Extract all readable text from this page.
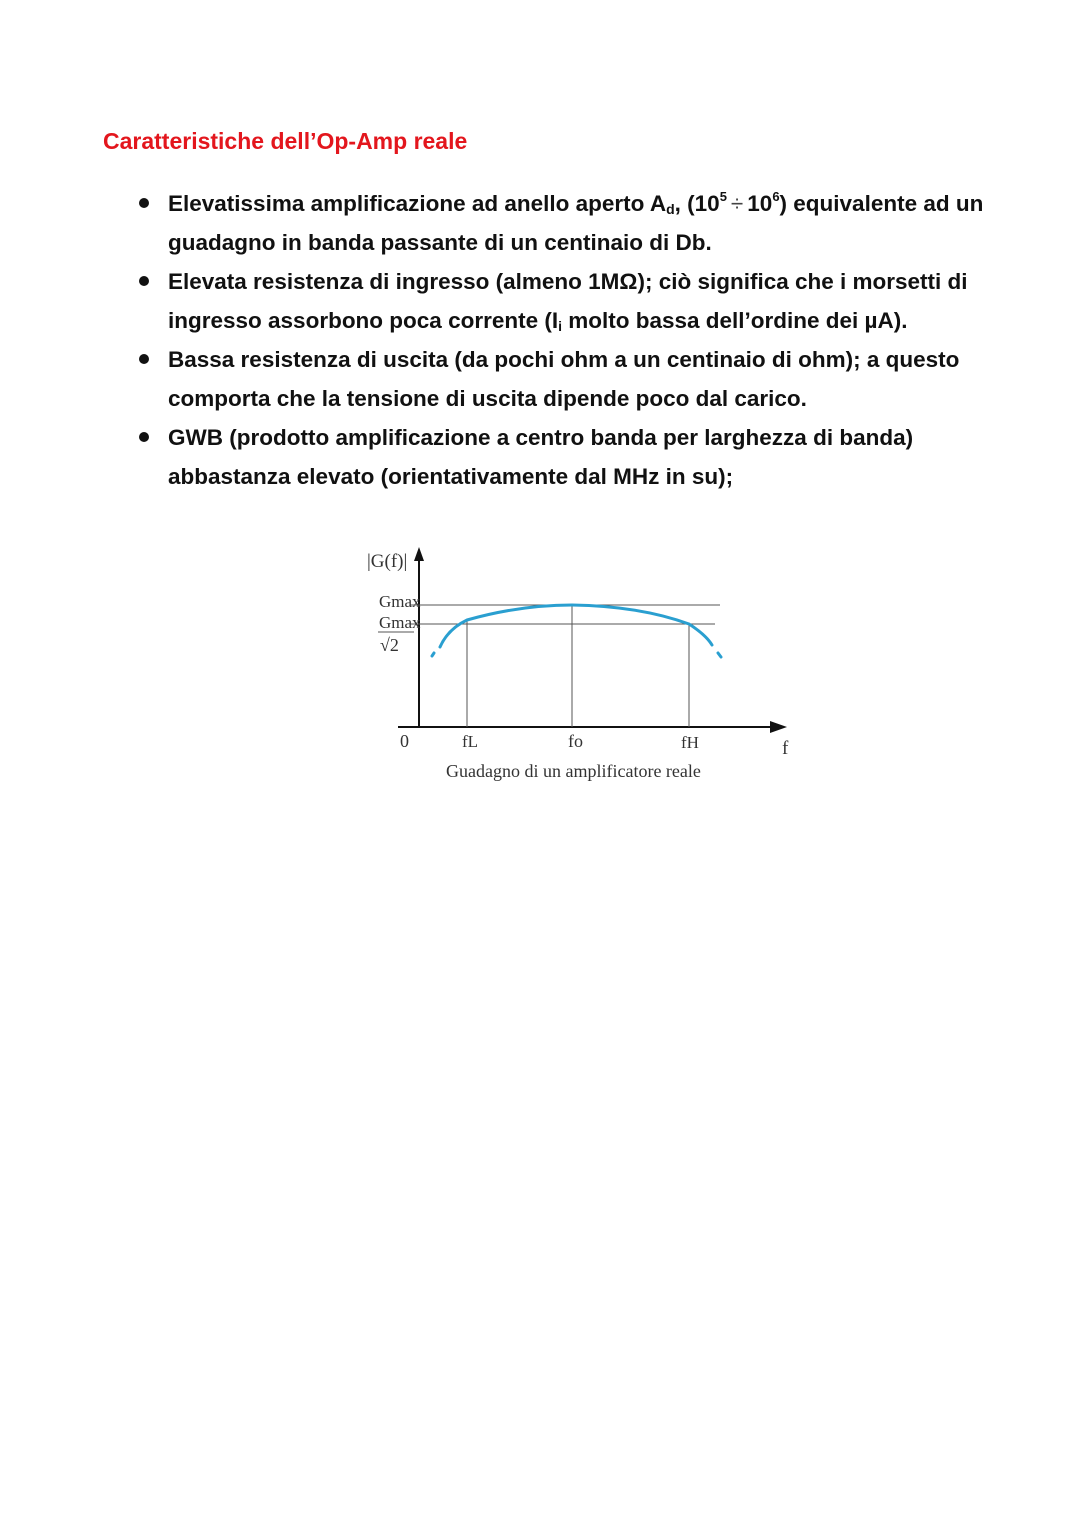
Caratteristiche dell’Op-Amp reale
Elevatissima amplificazione ad anello aperto $A_d$, $(10^5 \div 10^6)$ equivalente ad un guadagno in banda passante di un centinaio di Db.
Elevata resistenza di ingresso (almeno 1MΩ); ciò significa che i morsetti di ingresso assorbono poca corrente ($I_i$ molto bassa dell’ordine dei µA).
Bassa resistenza di uscita (da pochi ohm a un centinaio di ohm); a questo comporta che la tensione di uscita dipende poco dal carico.
GWB (prodotto amplificazione a centro banda per larghezza di banda) abbastanza elevato (orientativamente dal MHz in su);
|G(f)|
Gmax
Gmax
√2
0	fL	fo	fH	f
Guadagno di un amplificatore reale
